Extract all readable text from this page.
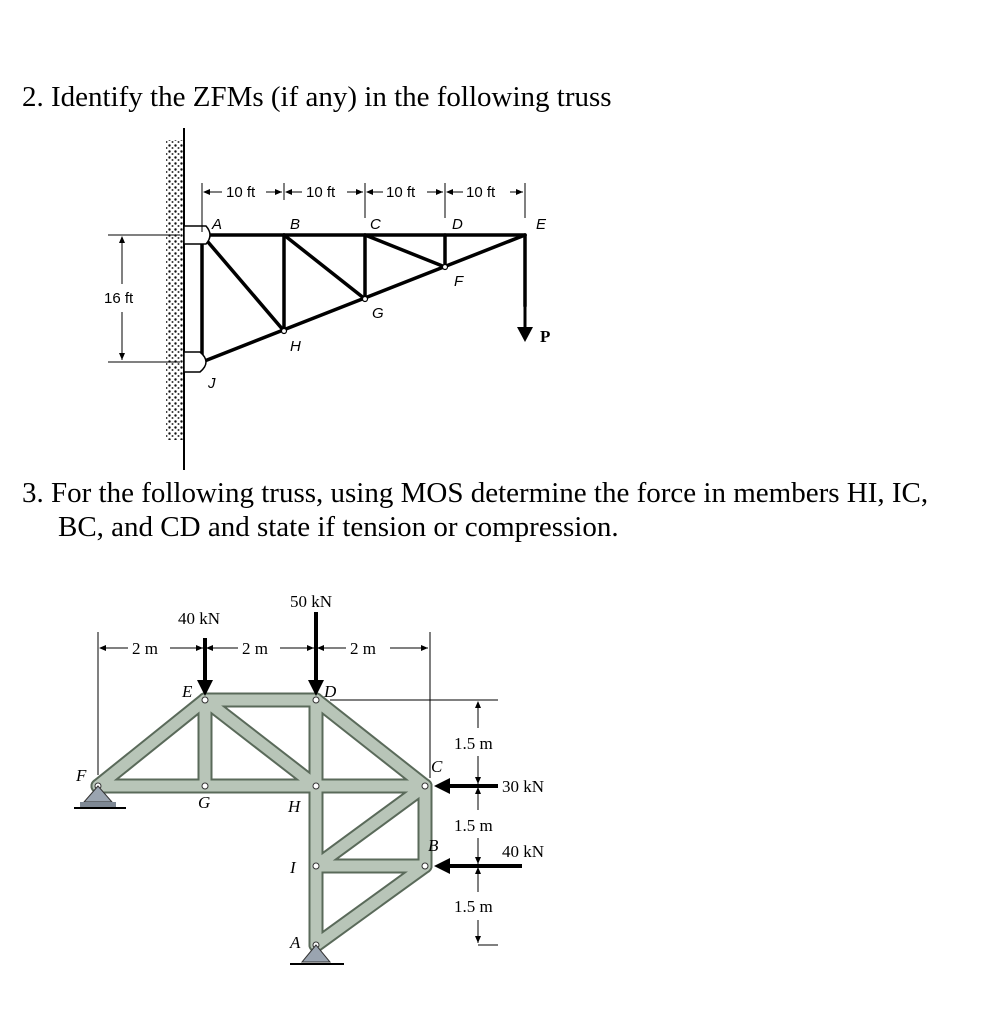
2. Identify the ZFMs (if any) in the following truss

3. For the following truss, using MOS determine the force in members HI, IC,
BC, and CD and state if tension or compression.

P
10 ft	10 ft	10 ft	10 ft
16 ft
A	B	C	D	E
F
G
H
J
40 kN
50 kN
30 kN
40 kN
2 m	2 m	2 m
1.5 m
1.5 m
1.5 m
E	D
F
G	H
C
B
I
A
